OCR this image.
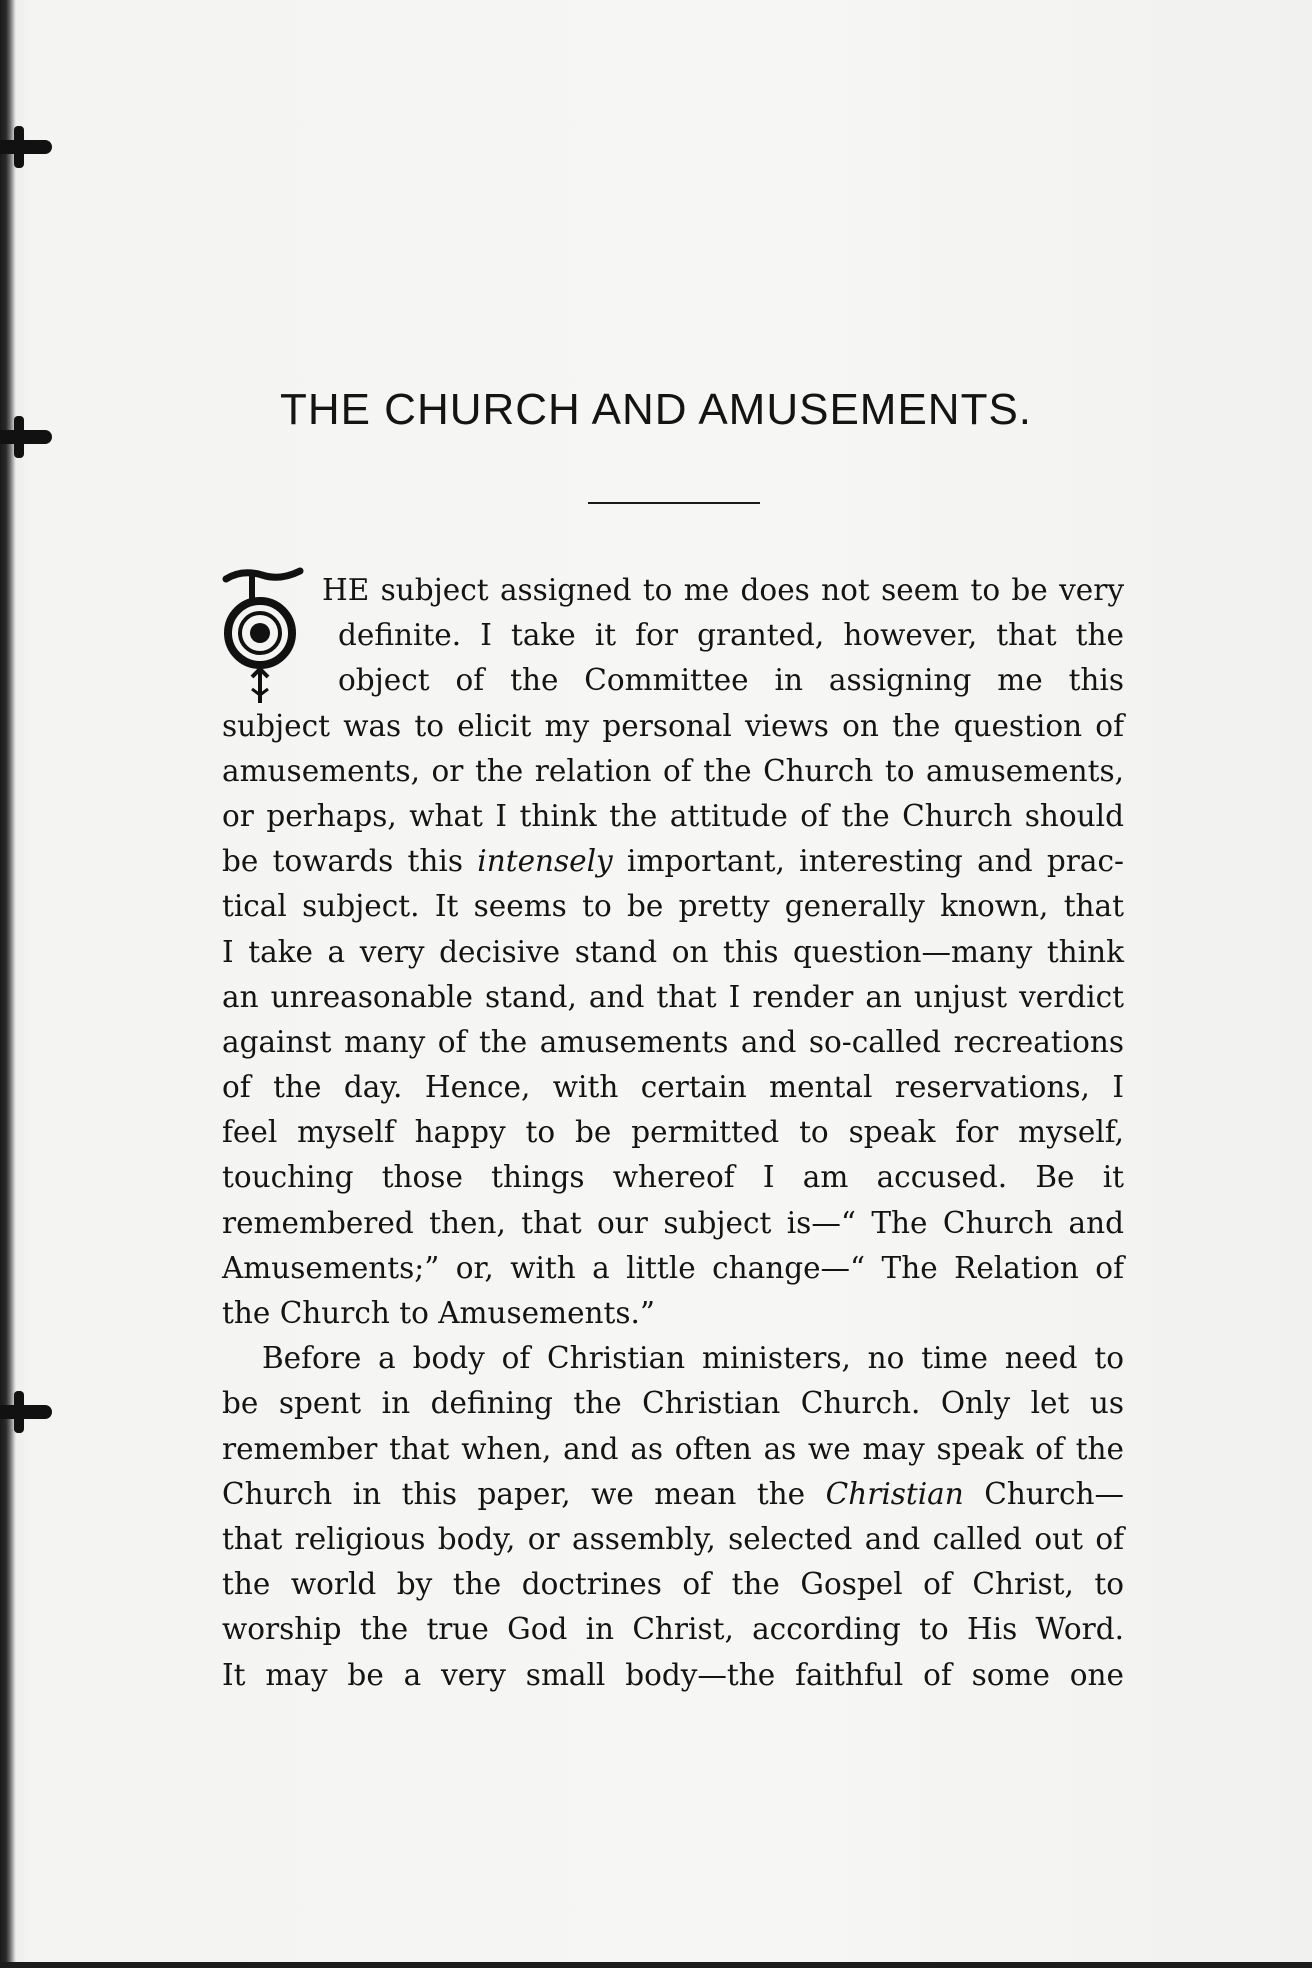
THE CHURCH AND AMUSEMENTS.
T
HE subject assigned to me does not seem to be very
definite. I take it for granted, however, that the
object of the Committee in assigning me this
subject was to elicit my personal views on the question of
amusements, or the relation of the Church to amusements,
or perhaps, what I think the attitude of the Church should
be towards this intensely important, interesting and prac-
tical subject. It seems to be pretty generally known, that
I take a very decisive stand on this question—many think
an unreasonable stand, and that I render an unjust verdict
against many of the amusements and so-called recreations
of the day. Hence, with certain mental reservations, I
feel myself happy to be permitted to speak for myself,
touching those things whereof I am accused. Be it
remembered then, that our subject is—“ The Church and
Amusements;” or, with a little change—“ The Relation of
the Church to Amusements.”
Before a body of Christian ministers, no time need to
be spent in defining the Christian Church. Only let us
remember that when, and as often as we may speak of the
Church in this paper, we mean the Christian Church—
that religious body, or assembly, selected and called out of
the world by the doctrines of the Gospel of Christ, to
worship the true God in Christ, according to His Word.
It may be a very small body—the faithful of some one
